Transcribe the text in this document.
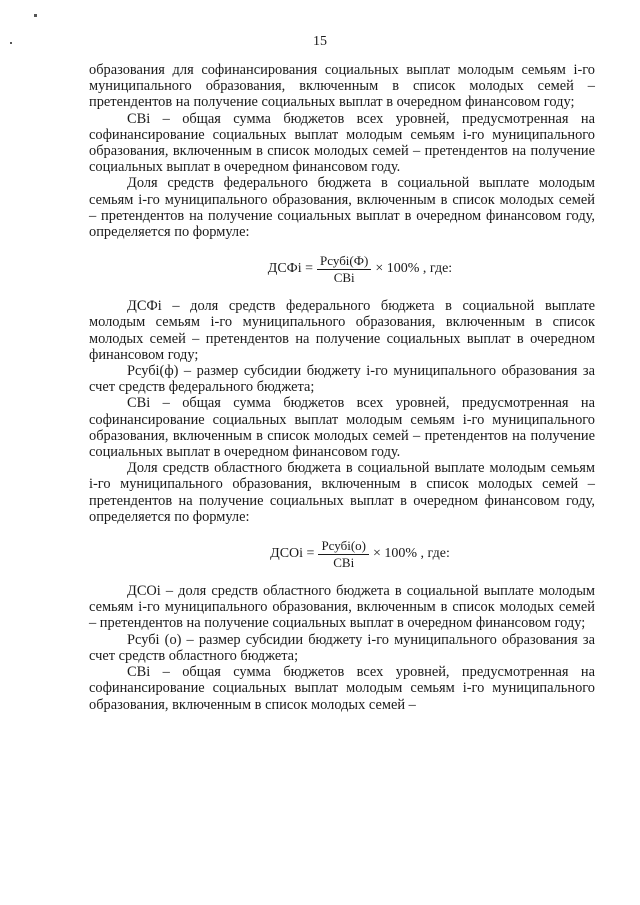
15

образования для софинансирования социальных выплат молодым семьям i-го муниципального образования, включенным в список молодых семей – претендентов на получение социальных выплат в очередном финансовом году;

СВi – общая сумма бюджетов всех уровней, предусмотренная на софинансирование социальных выплат молодым семьям i-го муниципального образования, включенным в список молодых семей – претендентов на получение социальных выплат в очередном финансовом году.

Доля средств федерального бюджета в социальной выплате молодым семьям i-го муниципального образования, включенным в список молодых семей – претендентов на получение социальных выплат в очередном финансовом году, определяется по формуле:

ДСФi = $\frac{\text{Рсубi(Ф)}}{\text{СВi}} \times 100\%$ , где:

ДСФi – доля средств федерального бюджета в социальной выплате молодым семьям i-го муниципального образования, включенным в список молодых семей – претендентов на получение социальных выплат в очередном финансовом году;

Рсубi(ф) – размер субсидии бюджету i-го муниципального образования за счет средств федерального бюджета;

СВi – общая сумма бюджетов всех уровней, предусмотренная на софинансирование социальных выплат молодым семьям i-го муниципального образования, включенным в список молодых семей – претендентов на получение социальных выплат в очередном финансовом году.

Доля средств областного бюджета в социальной выплате молодым семьям i-го муниципального образования, включенным в список молодых семей – претендентов на получение социальных выплат в очередном финансовом году, определяется по формуле:

ДСОi = $\frac{\text{Рсубi(о)}}{\text{СВi}} \times 100\%$ , где:

ДСОi – доля средств областного бюджета в социальной выплате молодым семьям i-го муниципального образования, включенным в список молодых семей – претендентов на получение социальных выплат в очередном финансовом году;

Рсубi (о) – размер субсидии бюджету i-го муниципального образования за счет средств областного бюджета;

СВi – общая сумма бюджетов всех уровней, предусмотренная на софинансирование социальных выплат молодым семьям i-го муниципального образования, включенным в список молодых семей –
